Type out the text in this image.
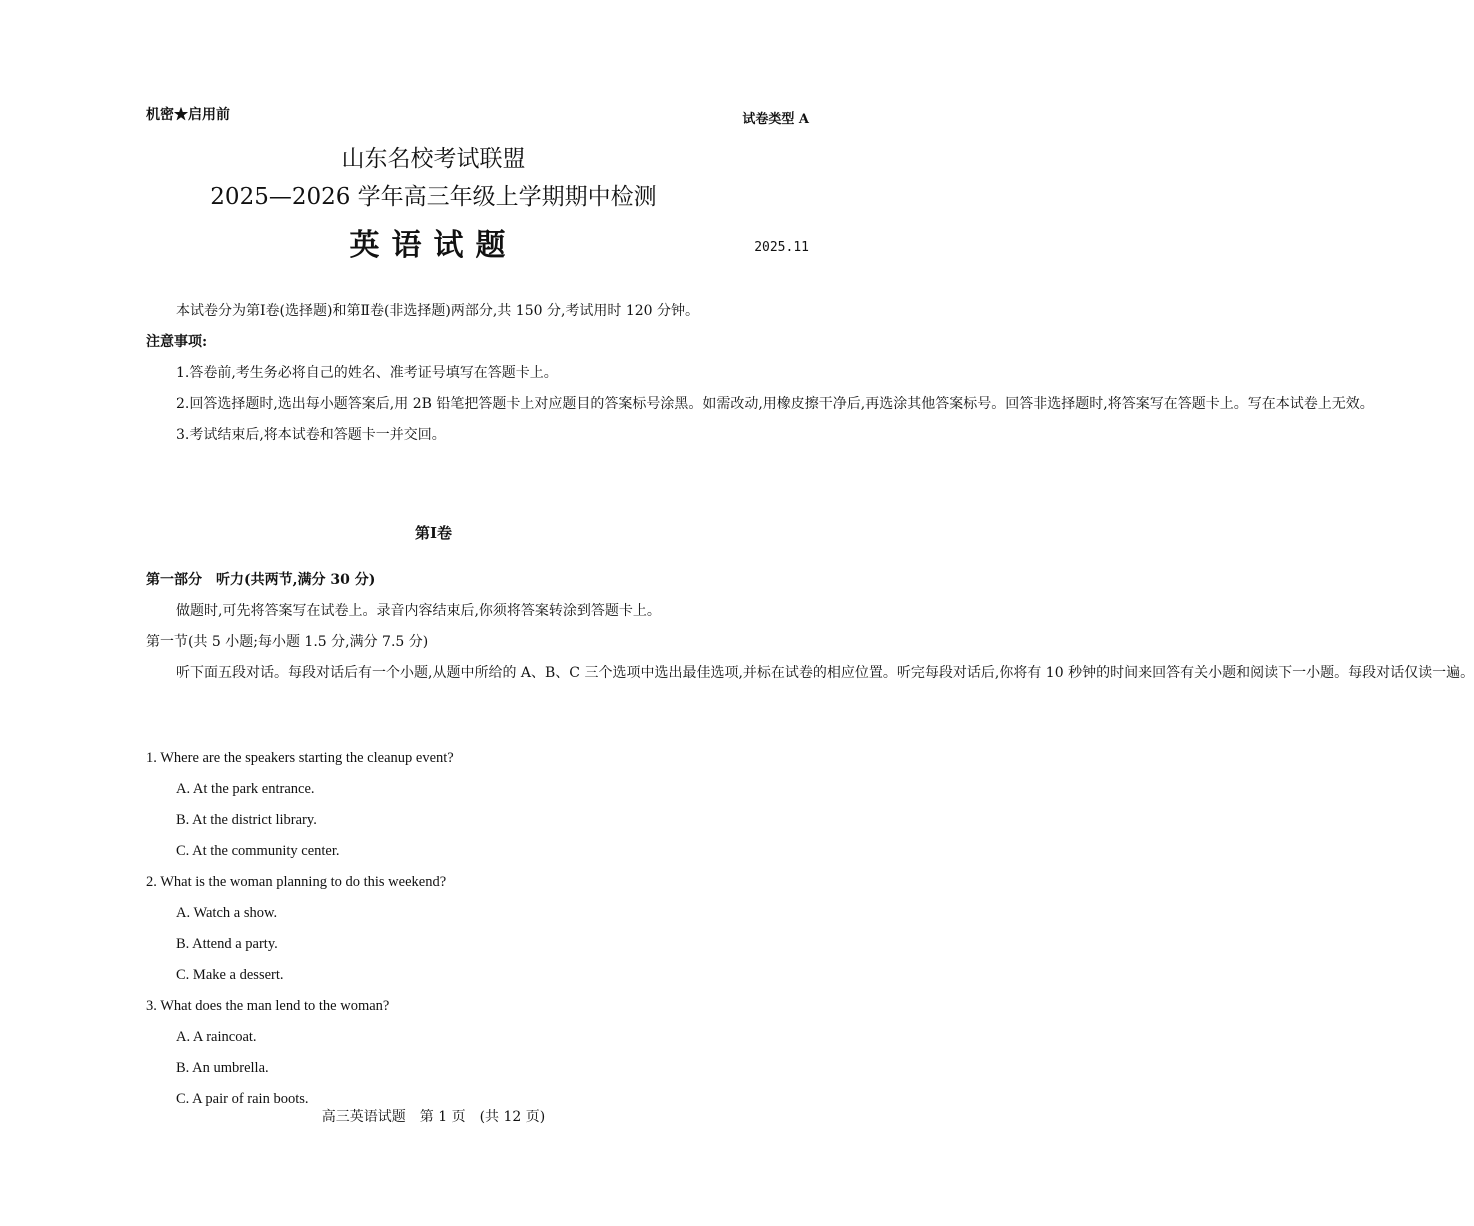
机密★启用前	试卷类型 A
山东名校考试联盟
2025—2026 学年高三年级上学期期中检测
英语试题	2025.11

本试卷分为第Ⅰ卷(选择题)和第Ⅱ卷(非选择题)两部分,共 150 分,考试用时 120 分钟。

注意事项:

1.答卷前,考生务必将自己的姓名、准考证号填写在答题卡上。

2.回答选择题时,选出每小题答案后,用 2B 铅笔把答题卡上对应题目的答案标号涂黑。如需改动,用橡皮擦干净后,再选涂其他答案标号。回答非选择题时,将答案写在答题卡上。写在本试卷上无效。

3.考试结束后,将本试卷和答题卡一并交回。

第Ⅰ卷

第一部分　听力(共两节,满分 30 分)

做题时,可先将答案写在试卷上。录音内容结束后,你须将答案转涂到答题卡上。

第一节(共 5 小题;每小题 1.5 分,满分 7.5 分)

听下面五段对话。每段对话后有一个小题,从题中所给的 A、B、C 三个选项中选出最佳选项,并标在试卷的相应位置。听完每段对话后,你将有 10 秒钟的时间来回答有关小题和阅读下一小题。每段对话仅读一遍。

1. Where are the speakers starting the cleanup event?

A. At the park entrance.

B. At the district library.

C. At the community center.

2. What is the woman planning to do this weekend?

A. Watch a show.

B. Attend a party.

C. Make a dessert.

3. What does the man lend to the woman?

A. A raincoat.

B. An umbrella.

C. A pair of rain boots.

高三英语试题　第 1 页　(共 12 页)
